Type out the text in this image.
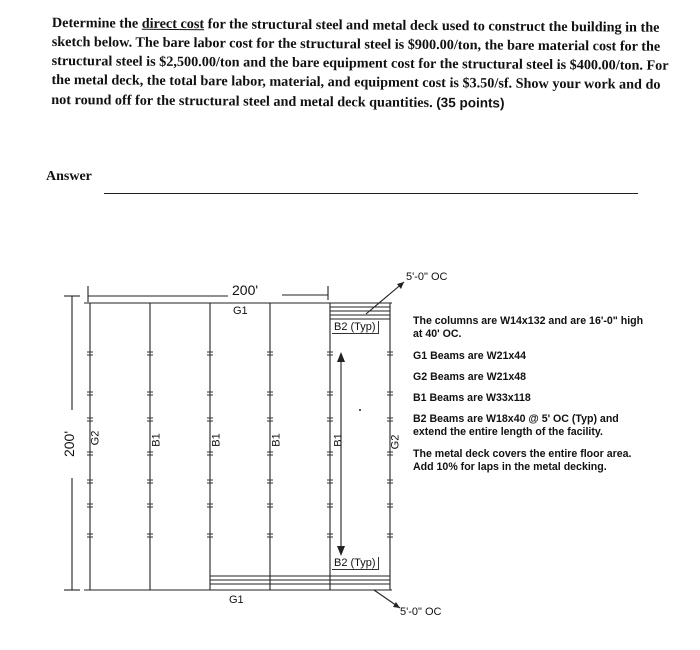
Determine the direct cost for the structural steel and metal deck used to construct the building in the sketch below. The bare labor cost for the structural steel is $900.00/ton, the bare material cost for the structural steel is $2,500.00/ton and the bare equipment cost for the structural steel is $400.00/ton. For the metal deck, the total bare labor, material, and equipment cost is $3.50/sf. Show your work and do not round off for the structural steel and metal deck quantities. (35 points)
Answer
200'
G1
G1
200' G2	G2
B1	B1	B1	B1
B2 (Typ)
B2 (Typ)
5'-0" OC
5'-0" OC

The columns are W14x132 and are 16'-0" high at 40' OC.

G1 Beams are W21x44

G2 Beams are W21x48

B1 Beams are W33x118

B2 Beams are W18x40 @ 5' OC (Typ) and extend the entire length of the facility.

The metal deck covers the entire floor area. Add 10% for laps in the metal decking.
